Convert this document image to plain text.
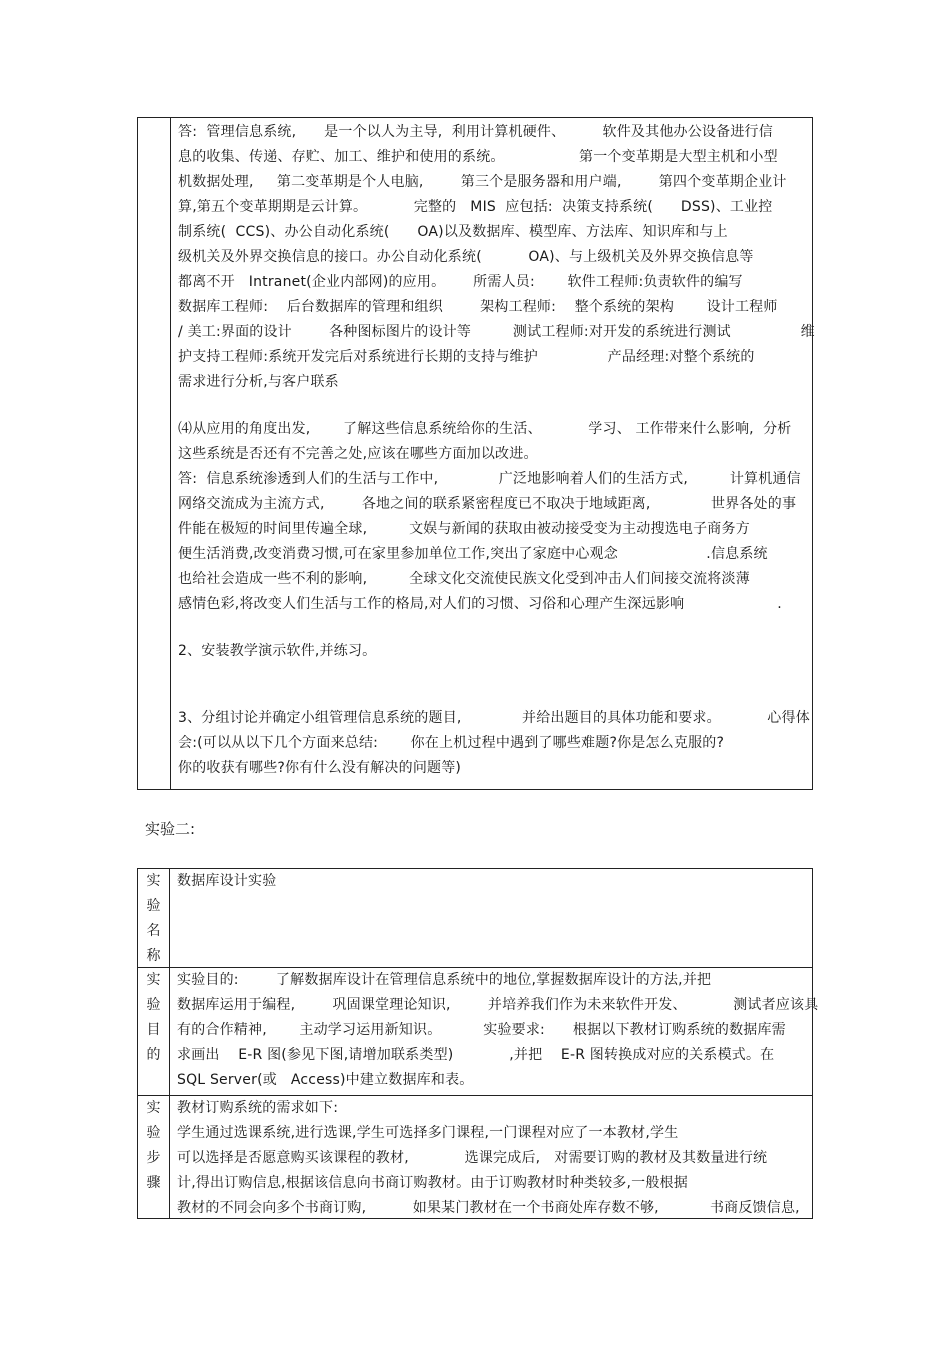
答:  管理信息系统,      是一个以人为主导,  利用计算机硬件、        软件及其他办公设备进行信
息的收集、传递、存贮、加工、维护和使用的系统。                第一个变革期是大型主机和小型
机数据处理,     第二变革期是个人电脑,        第三个是服务器和用户端,        第四个变革期企业计
算,第五个变革期期是云计算。          完整的   MIS  应包括:  决策支持系统(      DSS)、工业控
制系统(  CCS)、办公自动化系统(      OA)以及数据库、模型库、方法库、知识库和与上
级机关及外界交换信息的接口。办公自动化系统(          OA)、与上级机关及外界交换信息等
都离不开   Intranet(企业内部网)的应用。      所需人员:       软件工程师:负责软件的编写
数据库工程师:    后台数据库的管理和组织        架构工程师:    整个系统的架构       设计工程师
/ 美工:界面的设计        各种图标图片的设计等         测试工程师:对开发的系统进行测试               维
护支持工程师:系统开发完后对系统进行长期的支持与维护               产品经理:对整个系统的
需求进行分析,与客户联系
⑷从应用的角度出发,       了解这些信息系统给你的生活、          学习、 工作带来什么影响,  分析
这些系统是否还有不完善之处,应该在哪些方面加以改进。
答:  信息系统渗透到人们的生活与工作中,             广泛地影响着人们的生活方式,         计算机通信
网络交流成为主流方式,        各地之间的联系紧密程度已不取决于地域距离,             世界各处的事
件能在极短的时间里传遍全球,         文娱与新闻的获取由被动接受变为主动搜选电子商务方
便生活消费,改变消费习惯,可在家里参加单位工作,突出了家庭中心观念                   .信息系统
也给社会造成一些不利的影响,         全球文化交流使民族文化受到冲击人们间接交流将淡薄
感情色彩,将改变人们生活与工作的格局,对人们的习惯、习俗和心理产生深远影响                    .
2、安装教学演示软件,并练习。
3、分组讨论并确定小组管理信息系统的题目,             并给出题目的具体功能和要求。          心得体
会:(可以从以下几个方面来总结:       你在上机过程中遇到了哪些难题?你是怎么克服的?
你的收获有哪些?你有什么没有解决的问题等)
实验二:
实
验
名
称
数据库设计实验
实
验
目
的
实验目的:        了解数据库设计在管理信息系统中的地位,掌握数据库设计的方法,并把
数据库运用于编程,        巩固课堂理论知识,        并培养我们作为未来软件开发、          测试者应该具
有的合作精神,       主动学习运用新知识。         实验要求:      根据以下教材订购系统的数据库需
求画出    E-R 图(参见下图,请增加联系类型)            ,并把    E-R 图转换成对应的关系模式。在
SQL Server(或   Access)中建立数据库和表。
实
验
步
骤
教材订购系统的需求如下:
学生通过选课系统,进行选课,学生可选择多门课程,一门课程对应了一本教材,学生
可以选择是否愿意购买该课程的教材,            选课完成后,   对需要订购的教材及其数量进行统
计,得出订购信息,根据该信息向书商订购教材。由于订购教材时种类较多,一般根据
教材的不同会向多个书商订购,          如果某门教材在一个书商处库存数不够,           书商反馈信息,
